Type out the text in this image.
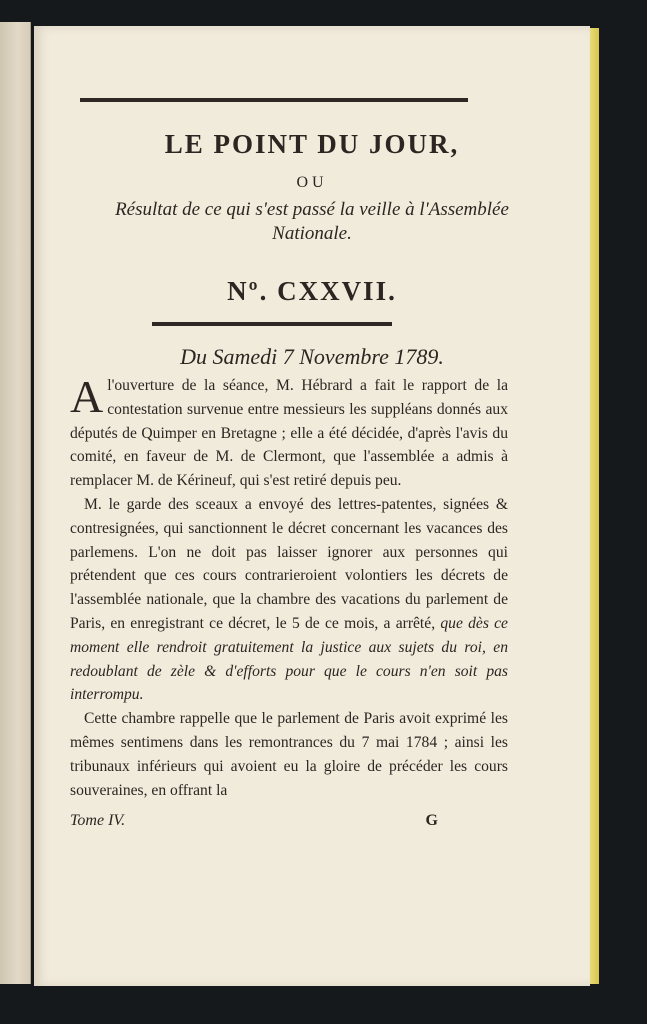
LE POINT DU JOUR,
OU
Résultat de ce qui s'est passé la veille à l'Assemblée Nationale.
Nº. CXXVII.
Du Samedi 7 Novembre 1789.

Al'ouverture de la séance, M. Hébrard a fait le rapport de la contestation survenue entre messieurs les suppléans donnés aux députés de Quimper en Bretagne ; elle a été décidée, d'après l'avis du comité, en faveur de M. de Clermont, que l'assemblée a admis à remplacer M. de Kérineuf, qui s'est retiré depuis peu.

M. le garde des sceaux a envoyé des lettres-patentes, signées & contresignées, qui sanctionnent le décret concernant les vacances des parlemens. L'on ne doit pas laisser ignorer aux personnes qui prétendent que ces cours contrarieroient volontiers les décrets de l'assemblée nationale, que la chambre des vacations du parlement de Paris, en enregistrant ce décret, le 5 de ce mois, a arrêté, que dès ce moment elle rendroit gratuitement la justice aux sujets du roi, en redoublant de zèle & d'efforts pour que le cours n'en soit pas interrompu.

Cette chambre rappelle que le parlement de Paris avoit exprimé les mêmes sentimens dans les remontrances du 7 mai 1784 ; ainsi les tribunaux inférieurs qui avoient eu la gloire de précéder les cours souveraines, en offrant la

Tome IV.	G
